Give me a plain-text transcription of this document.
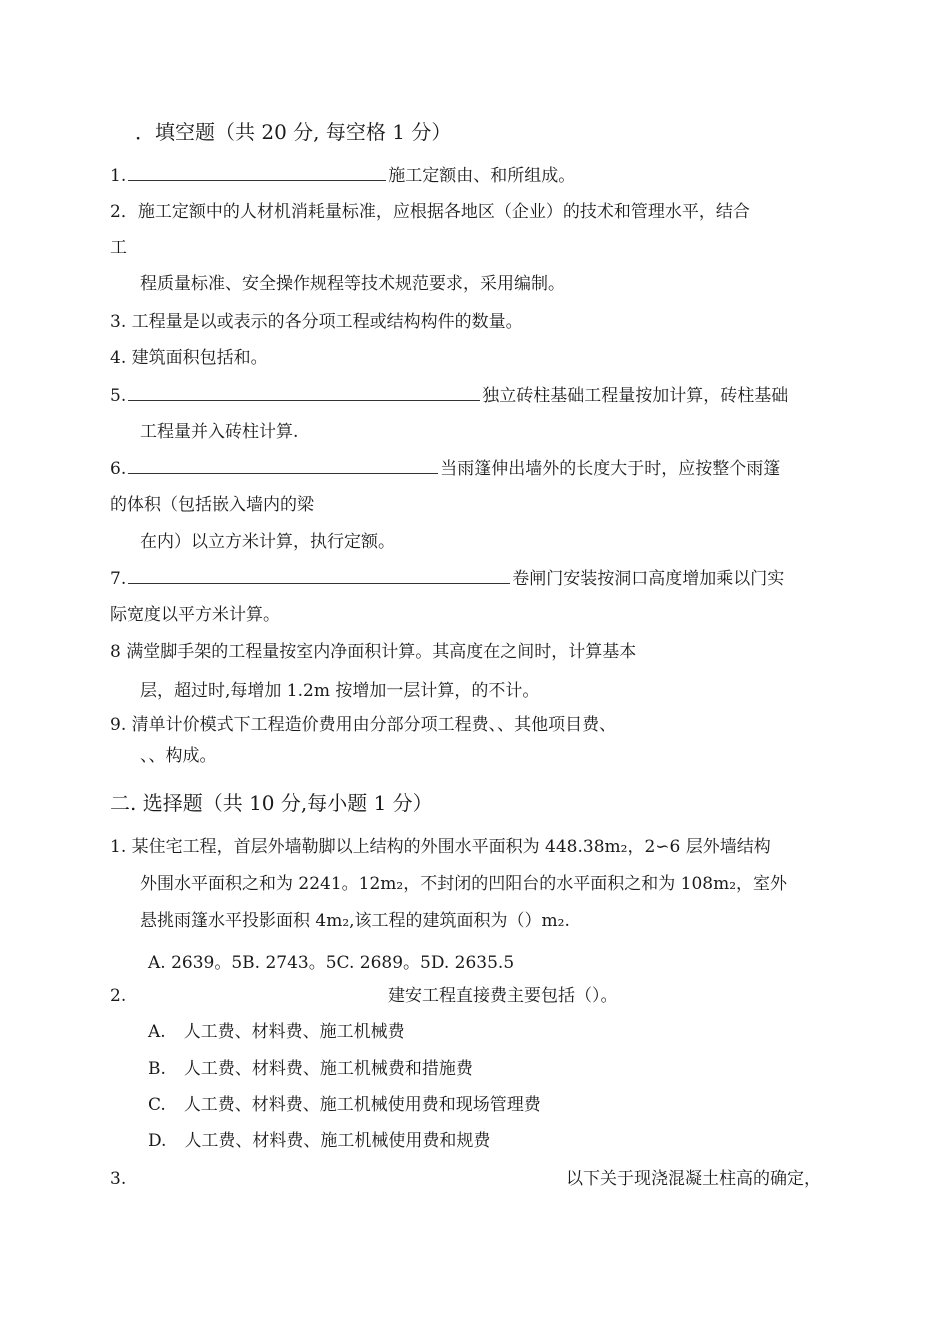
．填空题（共 20 分, 每空格 1 分）
1.	施工定额由、和所组成。
2．施工定额中的人材机消耗量标准，应根据各地区（企业）的技术和管理水平，结合
工
程质量标准、安全操作规程等技术规范要求，采用编制。
3. 工程量是以或表示的各分项工程或结构构件的数量。
4. 建筑面积包括和。
5.	独立砖柱基础工程量按加计算，砖柱基础
工程量并入砖柱计算.
6.	当雨篷伸出墙外的长度大于时，应按整个雨篷
的体积（包括嵌入墙内的梁
在内）以立方米计算，执行定额。
7.	卷闸门安装按洞口高度增加乘以门实
际宽度以平方米计算。
8 满堂脚手架的工程量按室内净面积计算。其高度在之间时，计算基本
层，超过时,每增加 1.2m 按增加一层计算，的不计。
9. 清单计价模式下工程造价费用由分部分项工程费、、其他项目费、
、、构成。
二. 选择题（共 10 分,每小题 1 分）
1. 某住宅工程，首层外墙勒脚以上结构的外围水平面积为 448.38m₂，2∽6 层外墙结构
外围水平面积之和为 2241。12m₂，不封闭的凹阳台的水平面积之和为 108m₂，室外
悬挑雨篷水平投影面积 4m₂,该工程的建筑面积为（）m₂.
A. 2639。5B. 2743。5C. 2689。5D. 2635.5
2.	建安工程直接费主要包括（）。
A. 人工费、材料费、施工机械费
B. 人工费、材料费、施工机械费和措施费
C. 人工费、材料费、施工机械使用费和现场管理费
D. 人工费、材料费、施工机械使用费和规费
3.	以下关于现浇混凝土柱高的确定，
